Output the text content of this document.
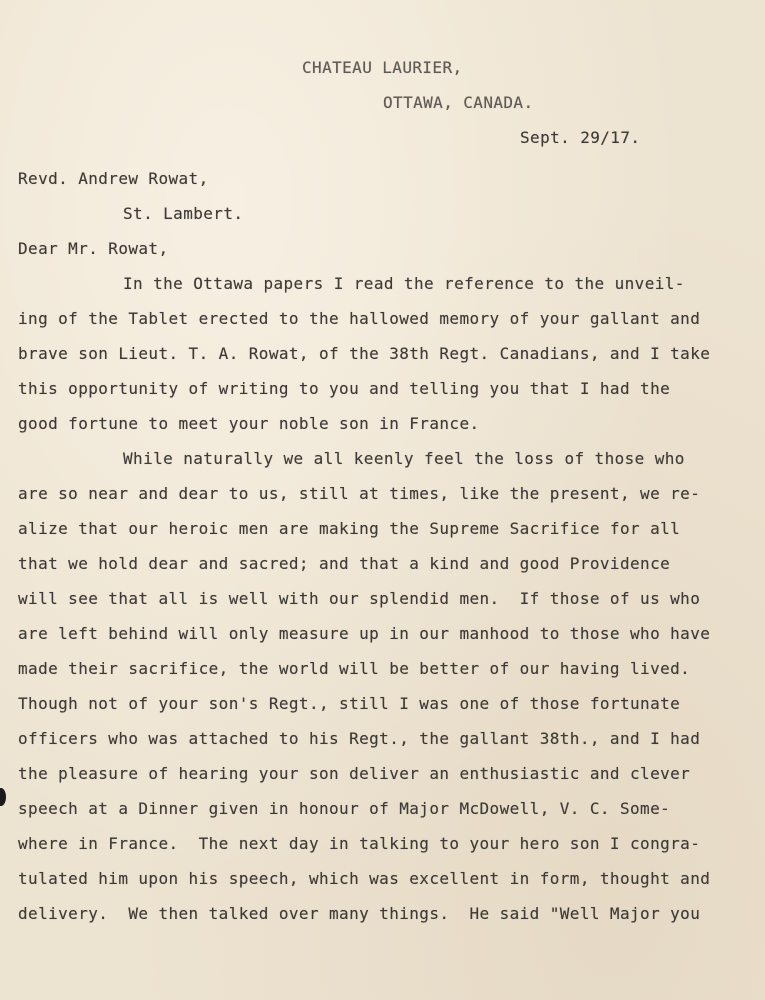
CHATEAU LAURIER,
OTTAWA, CANADA.
Sept. 29/17.
Revd. Andrew Rowat,
St. Lambert.
Dear Mr. Rowat,
In the Ottawa papers I read the reference to the unveil-
ing of the Tablet erected to the hallowed memory of your gallant and
brave son Lieut. T. A. Rowat, of the 38th Regt. Canadians, and I take
this opportunity of writing to you and telling you that I had the
good fortune to meet your noble son in France.
While naturally we all keenly feel the loss of those who
are so near and dear to us, still at times, like the present, we re-
alize that our heroic men are making the Supreme Sacrifice for all
that we hold dear and sacred; and that a kind and good Providence
will see that all is well with our splendid men.  If those of us who
are left behind will only measure up in our manhood to those who have
made their sacrifice, the world will be better of our having lived.
Though not of your son's Regt., still I was one of those fortunate
officers who was attached to his Regt., the gallant 38th., and I had
the pleasure of hearing your son deliver an enthusiastic and clever
speech at a Dinner given in honour of Major McDowell, V. C. Some-
where in France.  The next day in talking to your hero son I congra-
tulated him upon his speech, which was excellent in form, thought and
delivery.  We then talked over many things.  He said "Well Major you
